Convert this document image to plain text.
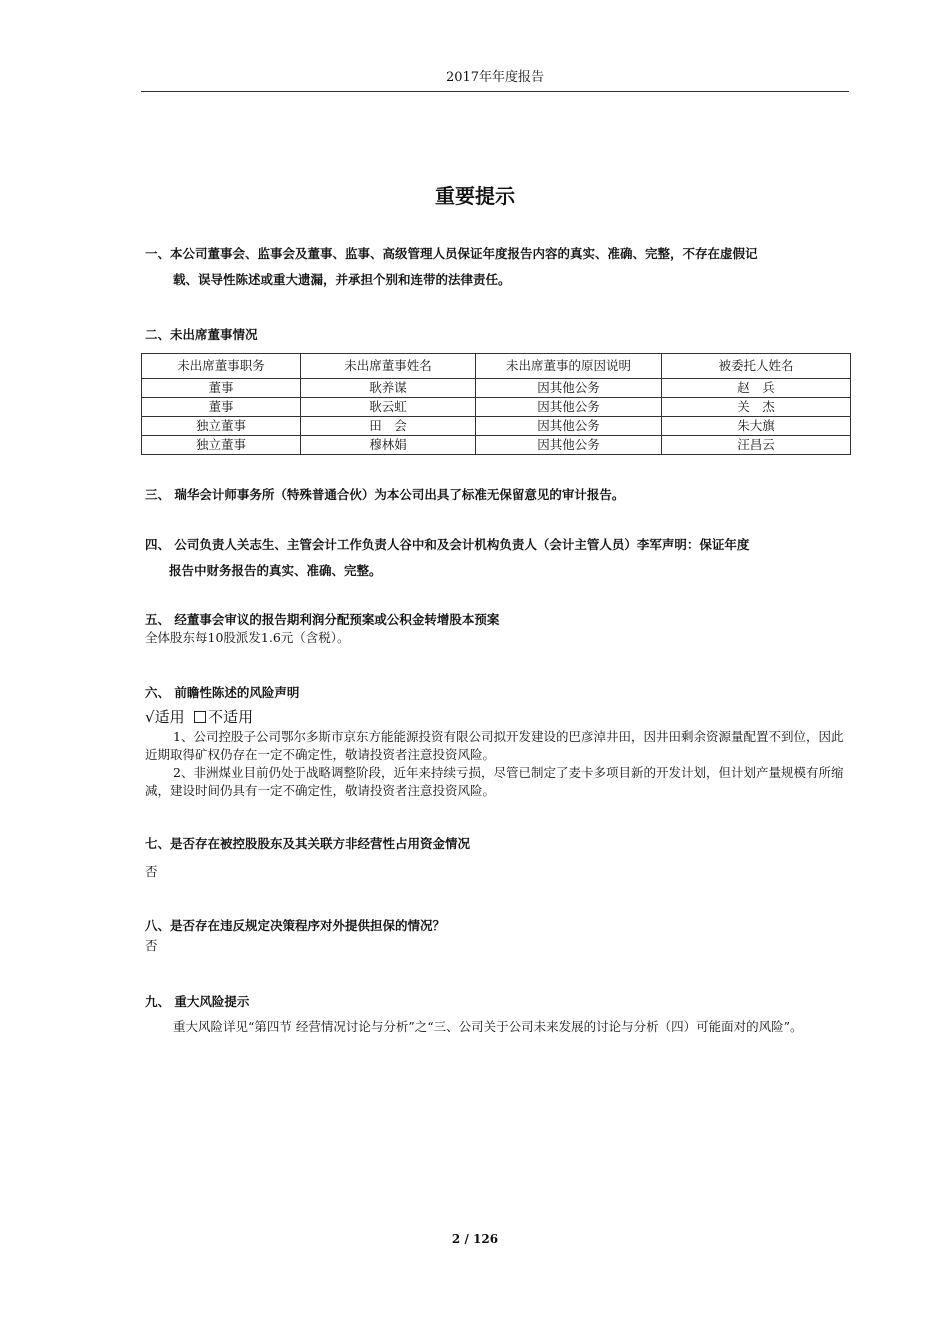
2017年年度报告
重要提示
一、本公司董事会、监事会及董事、监事、高级管理人员保证年度报告内容的真实、准确、完整，不存在虚假记
载、误导性陈述或重大遗漏，并承担个别和连带的法律责任。
二、未出席董事情况
未出席董事职务	未出席董事姓名	未出席董事的原因说明	被委托人姓名
董事	耿养谋	因其他公务	赵　兵
董事	耿云虹	因其他公务	关　杰
独立董事	田　会	因其他公务	朱大旗
独立董事	穆林娟	因其他公务	汪昌云
三、 瑞华会计师事务所（特殊普通合伙）为本公司出具了标准无保留意见的审计报告。
四、 公司负责人关志生、主管会计工作负责人谷中和及会计机构负责人（会计主管人员）李军声明：保证年度
报告中财务报告的真实、准确、完整。
五、 经董事会审议的报告期利润分配预案或公积金转增股本预案
全体股东每10股派发1.6元（含税）。
六、 前瞻性陈述的风险声明
√适用 不适用
1、公司控股子公司鄂尔多斯市京东方能能源投资有限公司拟开发建设的巴彦淖井田，因井田剩余资源量配置不到位，因此近期取得矿权仍存在一定不确定性，敬请投资者注意投资风险。
2、非洲煤业目前仍处于战略调整阶段，近年来持续亏损，尽管已制定了麦卡多项目新的开发计划，但计划产量规模有所缩减，建设时间仍具有一定不确定性，敬请投资者注意投资风险。
七、是否存在被控股股东及其关联方非经营性占用资金情况
否
八、是否存在违反规定决策程序对外提供担保的情况？
否
九、 重大风险提示
重大风险详见“第四节 经营情况讨论与分析”之“三、公司关于公司未来发展的讨论与分析（四）可能面对的风险”。
2 / 126
